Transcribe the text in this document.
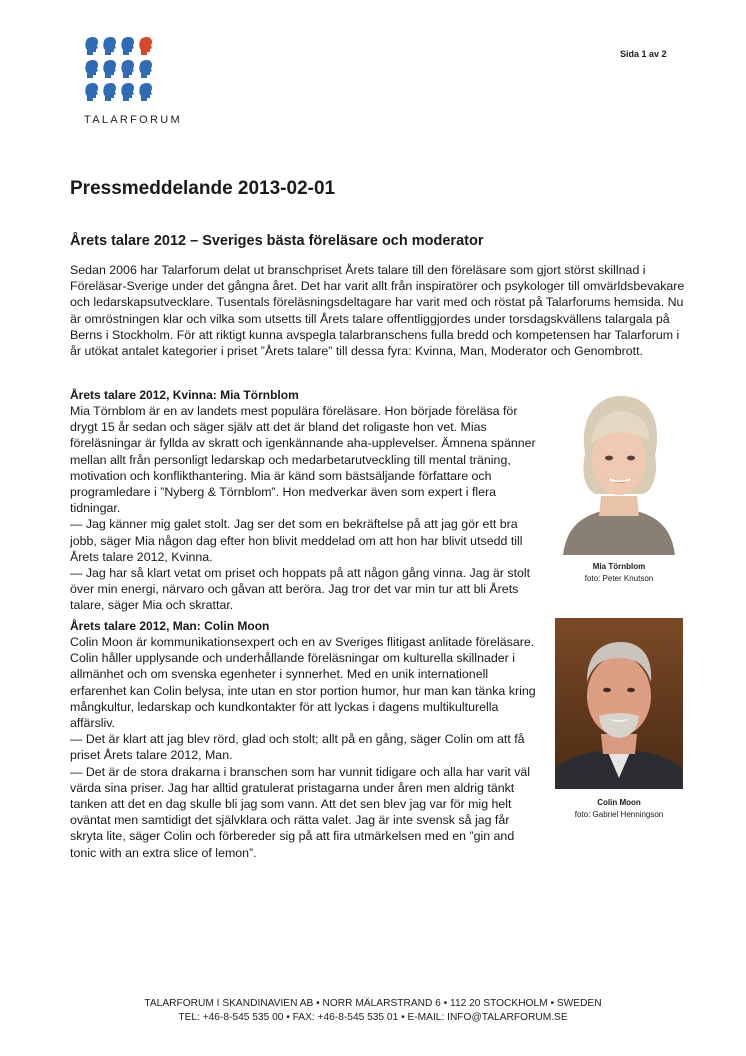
TALARFORUM
Sida 1 av 2
Pressmeddelande 2013-02-01
Årets talare 2012 – Sveriges bästa föreläsare och moderator

Sedan 2006 har Talarforum delat ut branschpriset Årets talare till den föreläsare som gjort störst skillnad i Föreläsar-Sverige under det gångna året. Det har varit allt från inspiratörer och psykologer till omvärldsbevakare och ledarskapsutvecklare. Tusentals föreläsningsdeltagare har varit med och röstat på Talarforums hemsida. Nu är omröstningen klar och vilka som utsetts till Årets talare offentliggjordes under torsdagskvällens talargala på Berns i Stockholm. För att riktigt kunna avspegla talarbranschens fulla bredd och kompetensen har Talarforum i år utökat antalet kategorier i priset ”Årets talare” till dessa fyra: Kvinna, Man, Moderator och Genombrott.

Årets talare 2012, Kvinna: Mia Törnblom

Mia Törnblom är en av landets mest populära föreläsare. Hon började föreläsa för drygt 15 år sedan och säger själv att det är bland det roligaste hon vet. Mias föreläsningar är fyllda av skratt och igenkännande aha-upplevelser. Ämnena spänner mellan allt från personligt ledarskap och medarbetarutveckling till mental träning, motivation och konflikthantering. Mia är känd som bästsäljande författare och programledare i ”Nyberg & Törnblom”. Hon medverkar även som expert i flera tidningar.

— Jag känner mig galet stolt. Jag ser det som en bekräftelse på att jag gör ett bra jobb, säger Mia någon dag efter hon blivit meddelad om att hon har blivit utsedd till Årets talare 2012, Kvinna.

— Jag har så klart vetat om priset och hoppats på att någon gång vinna. Jag är stolt över min energi, närvaro och gåvan att beröra. Jag tror det var min tur att bli Årets talare, säger Mia och skrattar.

Mia Törnblom
foto: Peter Knutson
Årets talare 2012, Man: Colin Moon

Colin Moon är kommunikationsexpert och en av Sveriges flitigast anlitade föreläsare. Colin håller upplysande och underhållande föreläsningar om kulturella skillnader i allmänhet och om svenska egenheter i synnerhet. Med en unik internationell erfarenhet kan Colin belysa, inte utan en stor portion humor, hur man kan tänka kring mångkultur, ledarskap och kundkontakter för att lyckas i dagens multikulturella affärsliv.

— Det är klart att jag blev rörd, glad och stolt; allt på en gång, säger Colin om att få priset Årets talare 2012, Man.

— Det är de stora drakarna i branschen som har vunnit tidigare och alla har varit väl värda sina priser. Jag har alltid gratulerat pristagarna under åren men aldrig tänkt tanken att det en dag skulle bli jag som vann. Att det sen blev jag var för mig helt oväntat men samtidigt det självklara och rätta valet. Jag är inte svensk så jag får skryta lite, säger Colin och förbereder sig på att fira utmärkelsen med en ”gin and tonic with an extra slice of lemon”.

Colin Moon
foto: Gabriel Henningson
TALARFORUM I SKANDINAVIEN AB • NORR MÄLARSTRAND 6 • 112 20 STOCKHOLM • SWEDEN
TEL: +46-8-545 535 00 • FAX: +46-8-545 535 01 • E-MAIL: INFO@TALARFORUM.SE
